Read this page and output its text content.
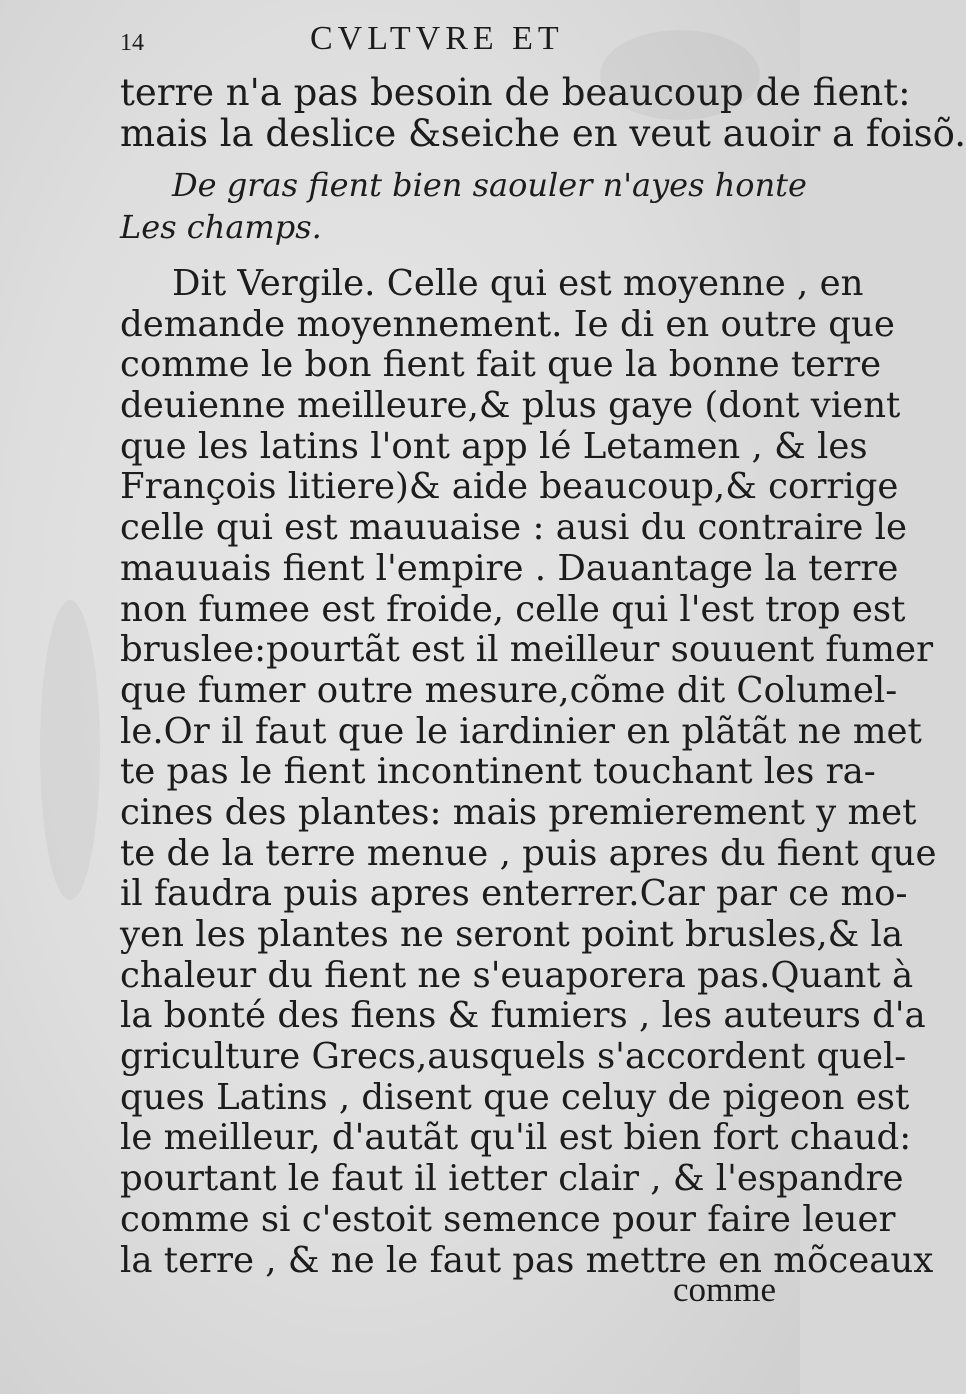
14	CVLTVRE ET
terre n'a pas besoin de beaucoup de fient:
mais la deslice &seiche en veut auoir a foisõ.
De gras fient bien saouler n'ayes honte
Les champs.
Dit Vergile. Celle qui est moyenne , en
demande moyennement. Ie di en outre que
comme le bon fient fait que la bonne terre
deuienne meilleure,& plus gaye (dont vient
que les latins l'ont app lé Letamen , & les
François litiere)& aide beaucoup,& corrige
celle qui est mauuaise : ausi du contraire le
mauuais fient l'empire . Dauantage la terre
non fumee est froide, celle qui l'est trop est
bruslee:pourtãt est il meilleur souuent fumer
que fumer outre mesure,cõme dit Columel-
le.Or il faut que le iardinier en plãtãt ne met
te pas le fient incontinent touchant les ra-
cines des plantes: mais premierement y met
te de la terre menue , puis apres du fient que
il faudra puis apres enterrer.Car par ce mo-
yen les plantes ne seront point brusles,& la
chaleur du fient ne s'euaporera pas.Quant à
la bonté des fiens & fumiers , les auteurs d'a
griculture Grecs,ausquels s'accordent quel-
ques Latins , disent que celuy de pigeon est
le meilleur, d'autãt qu'il est bien fort chaud:
pourtant le faut il ietter clair , & l'espandre
comme si c'estoit semence pour faire leuer
la terre , & ne le faut pas mettre en mõceaux
comme
